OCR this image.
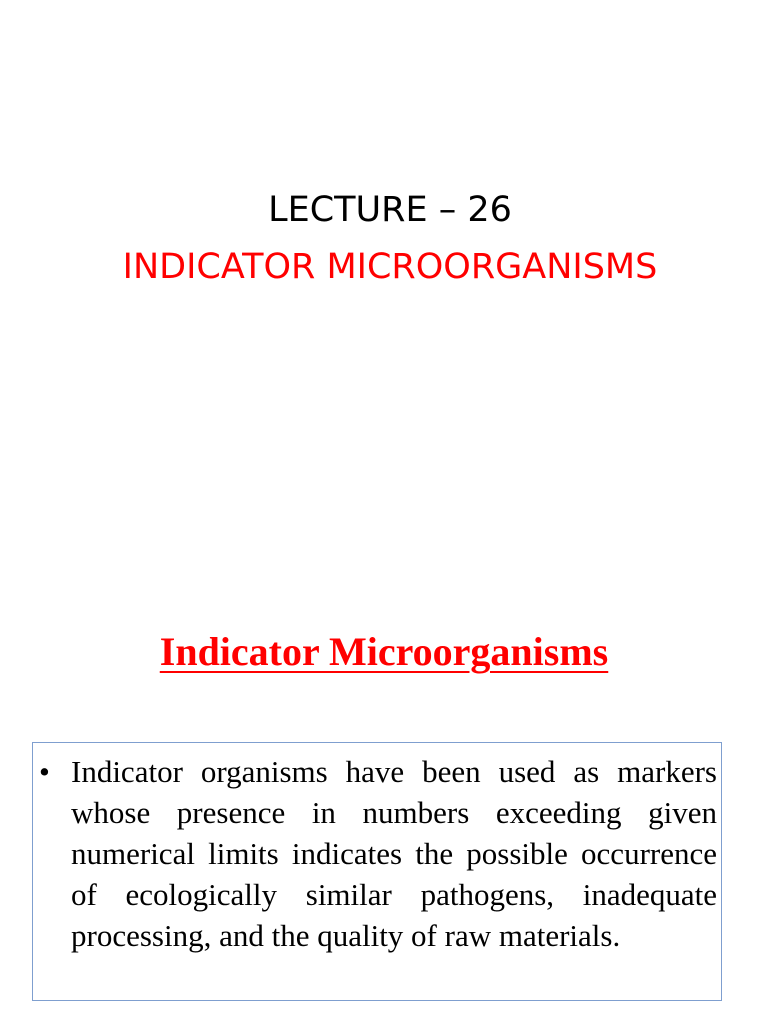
LECTURE – 26
INDICATOR MICROORGANISMS
Indicator Microorganisms
• Indicator organisms have been used as markers whose presence in numbers exceeding given numerical limits indicates the possible occurrence of ecologically similar pathogens, inadequate processing, and the quality of raw materials.
